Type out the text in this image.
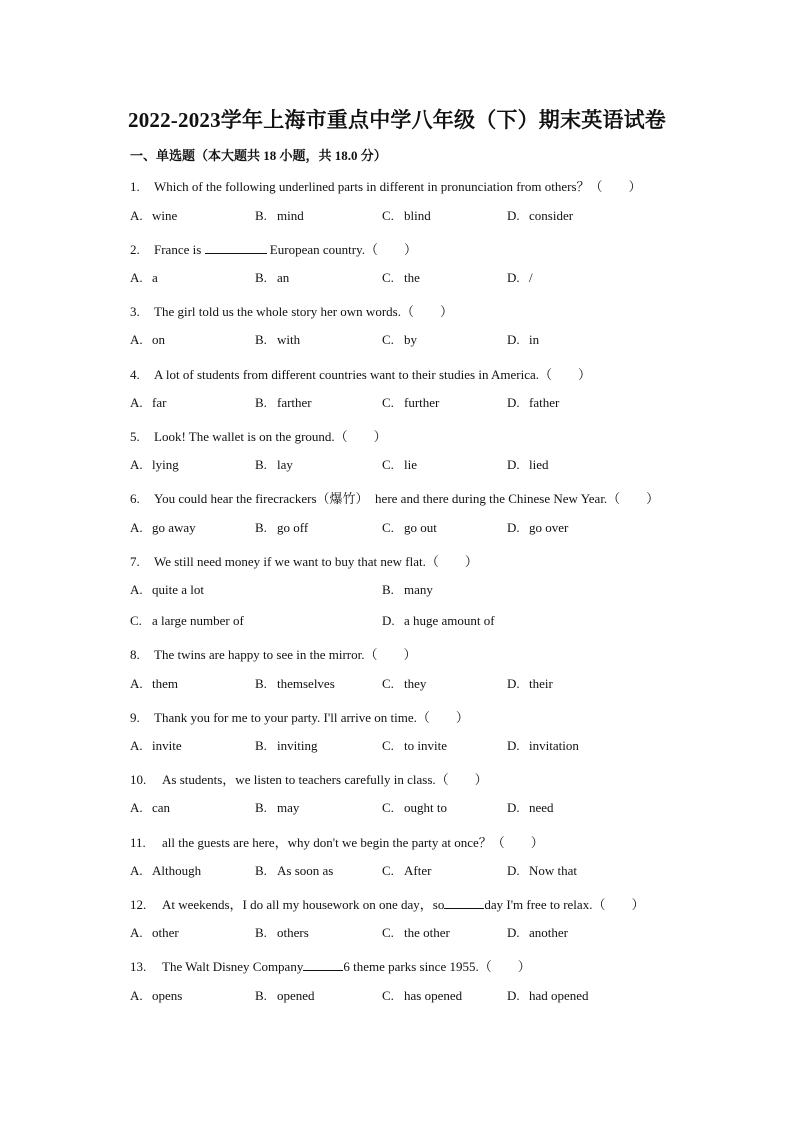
2022-2023学年上海市重点中学八年级（下）期末英语试卷
一、单选题（本大题共 18 小题，共 18.0 分）
1. Which of the following underlined parts in different in pronunciation from others？（　　）
A. wine	B. mind	C. blind	D. consider
2. France is	European country.（　　）
A. a	B. an	C. the	D. /
3. The girl told us the whole story her own words.（　　）
A. on	B. with	C. by	D. in
4. A lot of students from different countries want to their studies in America.（　　）
A. far	B. farther	C. further	D. father
5. Look! The wallet is on the ground.（　　）
A. lying	B. lay	C. lie	D. lied
6. You could hear the firecrackers（爆竹）　here and there during the Chinese New Year.（　　）
A. go away	B. go off	C. go out	D. go over
7. We still need money if we want to buy that new flat.（　　）
A. quite a lot	B. many
C. a large number of	D. a huge amount of
8. The twins are happy to see in the mirror.（　　）
A. them	B. themselves	C. they	D. their
9. Thank you for me to your party. I'll arrive on time.（　　）
A. invite	B. inviting	C. to invite	D. invitation
10. As students，we listen to teachers carefully in class.（　　）
A. can	B. may	C. ought to	D. need
11. all the guests are here，why don't we begin the party at once？（　　）
A. Although	B. As soon as	C. After	D. Now that
12. At weekends，I do all my housework on one day，so	day I'm free to relax.（　　）
A. other	B. others	C. the other	D. another
13. The Walt Disney Company	6 theme parks since 1955.（　　）
A. opens	B. opened	C. has opened	D. had opened
